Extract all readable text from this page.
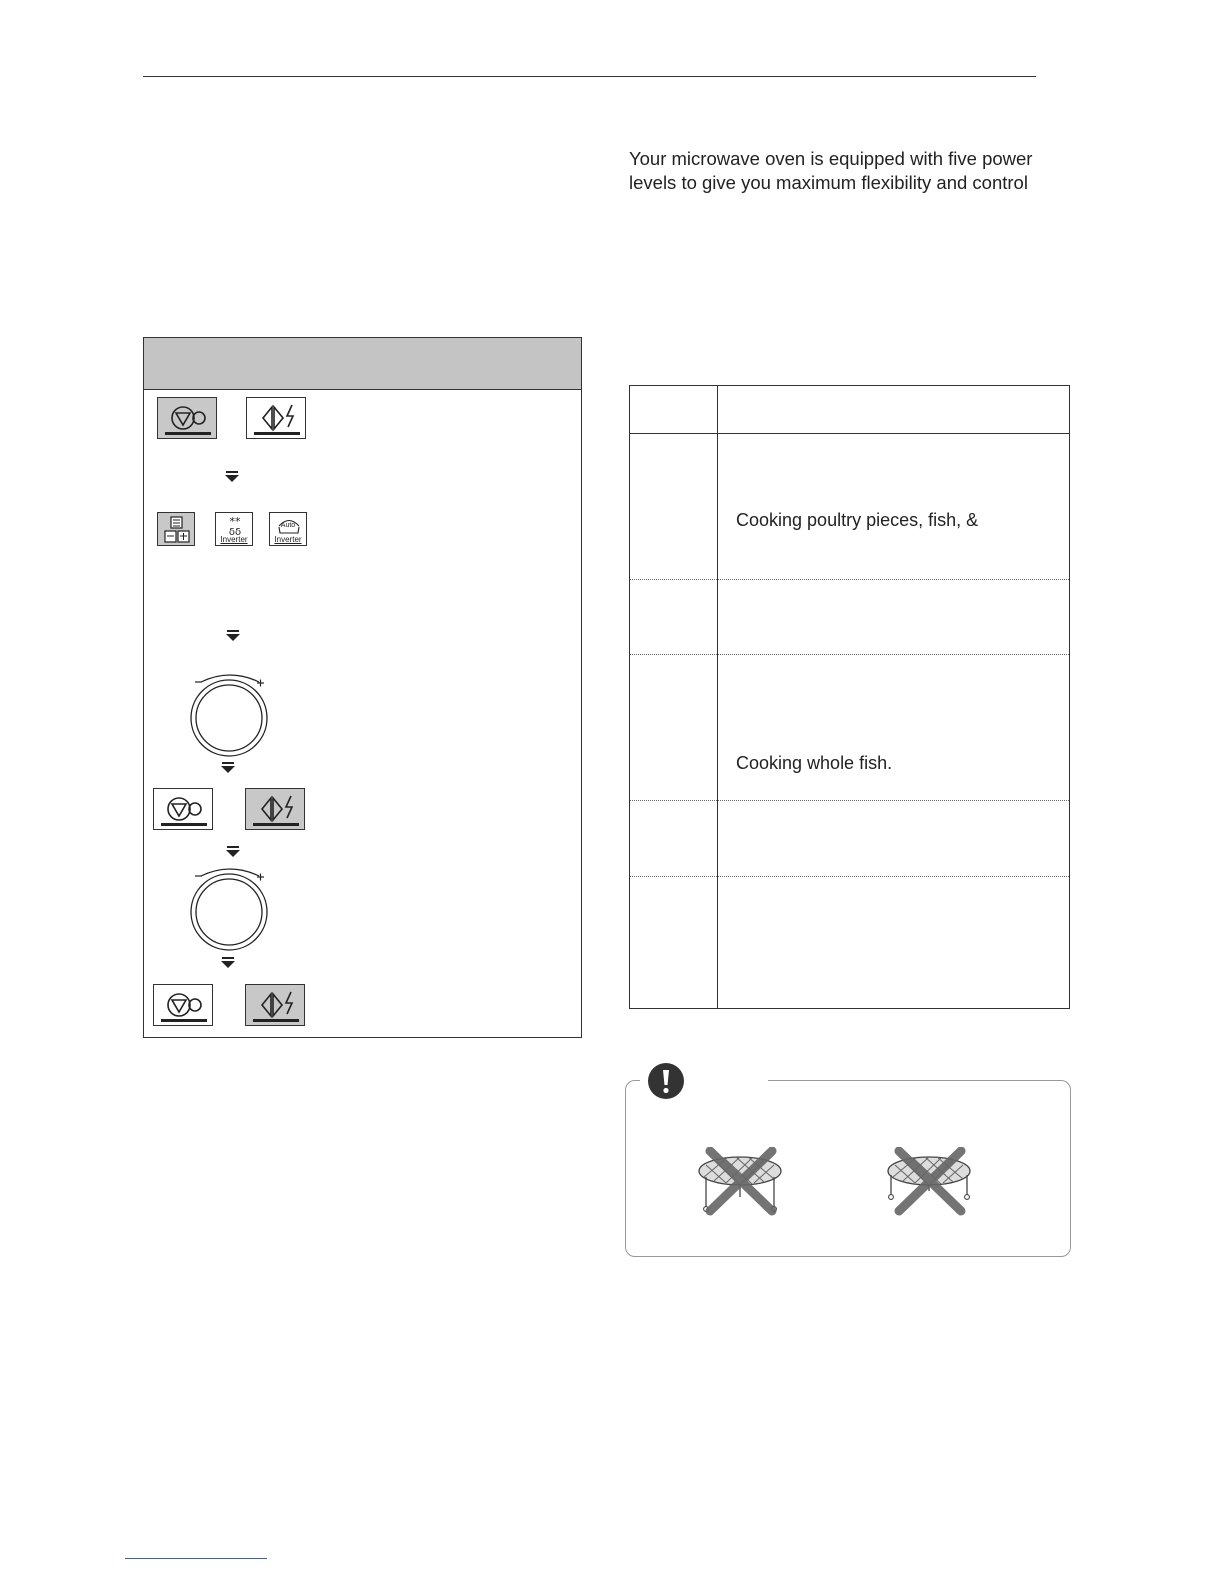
Your microwave oven is equipped with five power
levels to give you maximum flexibility and control
**
δδ
Inverter
Auto
Inverter
Cooking poultry pieces, fish, &
Cooking whole fish.
